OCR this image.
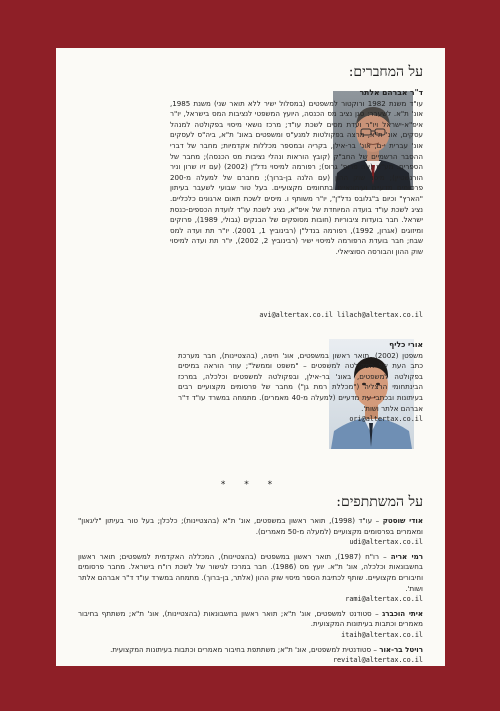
על המחברים:
ד"ר אברהם אלתר
עו"ד משנת 1982 ורוקטור למשפטים (במסלול ישיר ללא תואר שני) משנת 1985, אונ' ת"א. לשעבר: סגן נציב מס הכנסה, היועץ המשפטי לנציבות המס בישראל, יו"ר איפ"א-ישראל ויו"ר ועדת מסים לשכת עו"ד; מרכז נושאי מיסוי בפקולטה למנהל עסקים, אונ' ת"א, מרצה בפקולטות למנע"ס ומשפטים באונ' ת"א, ביה"ס לעסקים אונ' עברית י-ם, אונ' בר-אילן, בקריה ובמספר מכללות אקדמיות; מחבר של דברי ההסבר הרשמיים של החב"ק (קובץ הוראות ונהלי נציבות מס הכנסה); מחבר של הספרים: מע"מ (עם פרופ' גרוס); רפורמה למיסוי נדל"ן (2002) (עם זיו שרון וניר הורנשטיין); מיסוי שוק ההון (עם הלנה בן-ברוך); מחברם של למעלה מ-200 פרסומים מדעיים ועיתונאיים בתחומים מקצועיים. בעל טור שבועי לשעבר בעיתון "הארץ" וכיום ב"גלובס נדל"ן", יו"ר משותף ו. מיסים לשכת תאום ארגונים כלכליים. נציג לשכת עו"ד בועדה המיוחדת של איפ"א, נציג לשכת עו"ד לועדת הכספים-כנסת ישראל. חבר בועדות ציבוריות (חובות מסופקים של הבנקים (גבולי, 1989), פרוקים ומיזוגים (אגרון, 1992), רפורמה בנדל"ן (רבינוביץ 1, 2001). יו"ר תת ועדה למס שבח; חבר בועדת הרפורמה למיסוי ישיר (רבינוביץ 2, 2002), יו"ר תת ועדה למיסוי שוק ההון והבורסה הסוציאלי.
avi@altertax.co.il lilach@altertax.co.il
אורי כליף
משפטן (2002), תואר ראשון במשפטים, אונ' חיפה, (בהצטיינות), חבר מערכת כתב העת של הפקולטה למשפטים – "משפט וממשל"; עוזר הוראה במיסים בפקולטה למשפטים, באונ' בר-אילן, ובפקולטה למשפטים וכלכלה, במרכז הבינתחומי הרצליה ("מכללת רמת גן") מחבר של פרסומים מקצועיים רבים בעיתונות ובכתבי עת מדעיים (למעלה מ-40 מאמרים). מתמחה במשרד עו"ד ד"ר אברהם אלתר ושות'.
ori@altertax.co.il
* * *
על המשתתפים:
אודי שוסטק – עו"ד (1998), תואר ראשון במשפטים, אונ' ת"א (בהצטיינות); כלכלן; בעל טור בעיתון "ליגאון" ומאמרים בפרסומים מקצועיים (למעלה מ-50 מאמרים).
udi@altertax.co.il
רמי אריה – רו"ח (1987), תואר ראשון במשפטים (בהצטיינות), המכללה האקדמית למשפטים; תואר ראשון בחשבונאות וכלכלה, אונ' ת"א. יועץ מס (1986). חבר במרכז לגישור של לשכת רו"ח בישראל. מחבר פרסומים וחיבורים מקצועיים. שותף לכתיבת הספר מיסוי שוק ההון (אלתר, בן-ברוך). מתמחה במשרד עו"ד ד"ר אברהם אלתר ושות'.
rami@altertax.co.il
איתי הוכברג – סטודנט למשפטים, אונ' ת"א; תואר ראשון בחשבונאות (בהצטיינות), אונ' ת"א; משתתף בחיבור מאמרים וכתבות בעיתונות המקצועית.
itaih@altertax.co.il
רויטל בר-אור – סטודנטית למשפטים, אונ' ת"א; משתתפת בחיבור מאמרים וכתבות בעיתונות המקצועית.
revital@altertax.co.il
